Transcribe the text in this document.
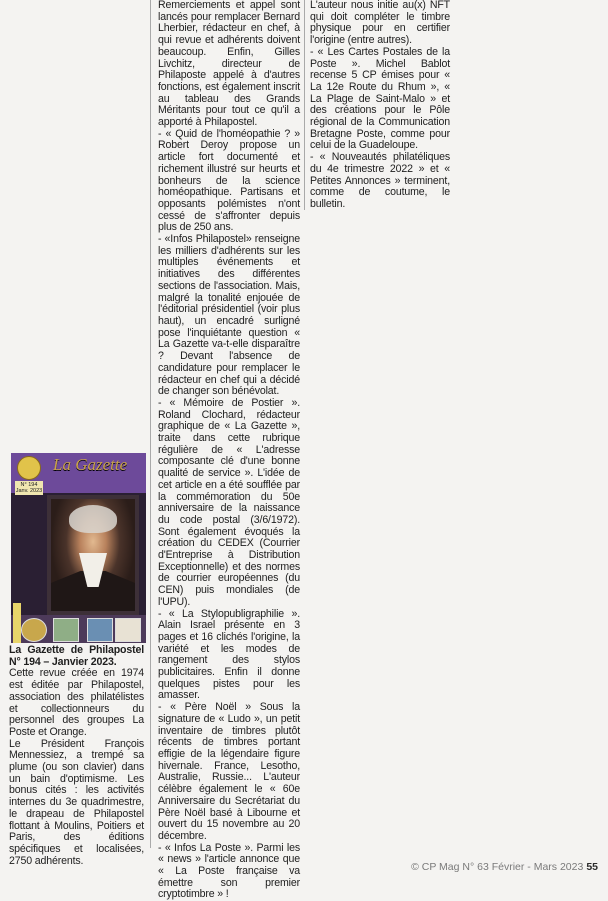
La Gazette
N° 194 Janv. 2023

La Gazette de Philapostel N° 194 – Janvier 2023.

Cette revue créée en 1974 est éditée par Philapostel, association des philatélistes et collectionneurs du personnel des groupes La Poste et Orange.

Le Président François Mennessiez, a trempé sa plume (ou son clavier) dans un bain d'optimisme. Les bonus cités : les activités internes du 3e quadrimestre, le drapeau de Philapostel flottant à Moulins, Poitiers et Paris, des éditions spécifiques et localisées, 2750 adhérents.

Remerciements et appel sont lancés pour remplacer Bernard Lherbier, rédacteur en chef, à qui revue et adhérents doivent beaucoup. Enfin, Gilles Livchitz, directeur de Philaposte appelé à d'autres fonctions, est également inscrit au tableau des Grands Méritants pour tout ce qu'il a apporté à Philapostel.

- « Quid de l'homéopathie ? » Robert Deroy propose un article fort documenté et richement illustré sur heurts et bonheurs de la science homéopathique. Partisans et opposants polémistes n'ont cessé de s'affronter depuis plus de 250 ans.

- «Infos Philapostel» renseigne les milliers d'adhérents sur les multiples événements et initiatives des différentes sections de l'association. Mais, malgré la tonalité enjouée de l'éditorial présidentiel (voir plus haut), un encadré surligné pose l'inquiétante question « La Gazette va-t-elle disparaître ? Devant l'absence de candidature pour remplacer le rédacteur en chef qui a décidé de changer son bénévolat.

- « Mémoire de Postier ». Roland Clochard, rédacteur graphique de « La Gazette », traite dans cette rubrique régulière de « L'adresse composante clé d'une bonne qualité de service ». L'idée de cet article en a été soufflée par la commémoration du 50e anniversaire de la naissance du code postal (3/6/1972). Sont également évoqués la création du CEDEX (Courrier d'Entreprise à Distribution Exceptionnelle) et des normes de courrier européennes (du CEN) puis mondiales (de l'UPU).

- « La Stylopubligraphilie ». Alain Israel présente en 3 pages et 16 clichés l'origine, la variété et les modes de rangement des stylos publicitaires. Enfin il donne quelques pistes pour les amasser.

- « Père Noël » Sous la signature de « Ludo », un petit inventaire de timbres plutôt récents de timbres portant effigie de la légendaire figure hivernale. France, Lesotho, Australie, Russie... L'auteur célèbre également le « 60e Anniversaire du Secrétariat du Père Noël basé à Libourne et ouvert du 15 novembre au 20 décembre.

- « Infos La Poste ». Parmi les « news » l'article annonce que « La Poste française va émettre son premier cryptotimbre » !

L'auteur nous initie au(x) NFT qui doit compléter le timbre physique pour en certifier l'origine (entre autres).

- « Les Cartes Postales de la Poste ». Michel Bablot recense 5 CP émises pour « La 12e Route du Rhum », « La Plage de Saint-Malo » et des créations pour le Pôle régional de la Communication Bretagne Poste, comme pour celui de la Guadeloupe.

- « Nouveautés philatéliques du 4e trimestre 2022 » et « Petites Annonces » terminent, comme de coutume, le bulletin.

© CP Mag N° 63 Février - Mars 2023 55
